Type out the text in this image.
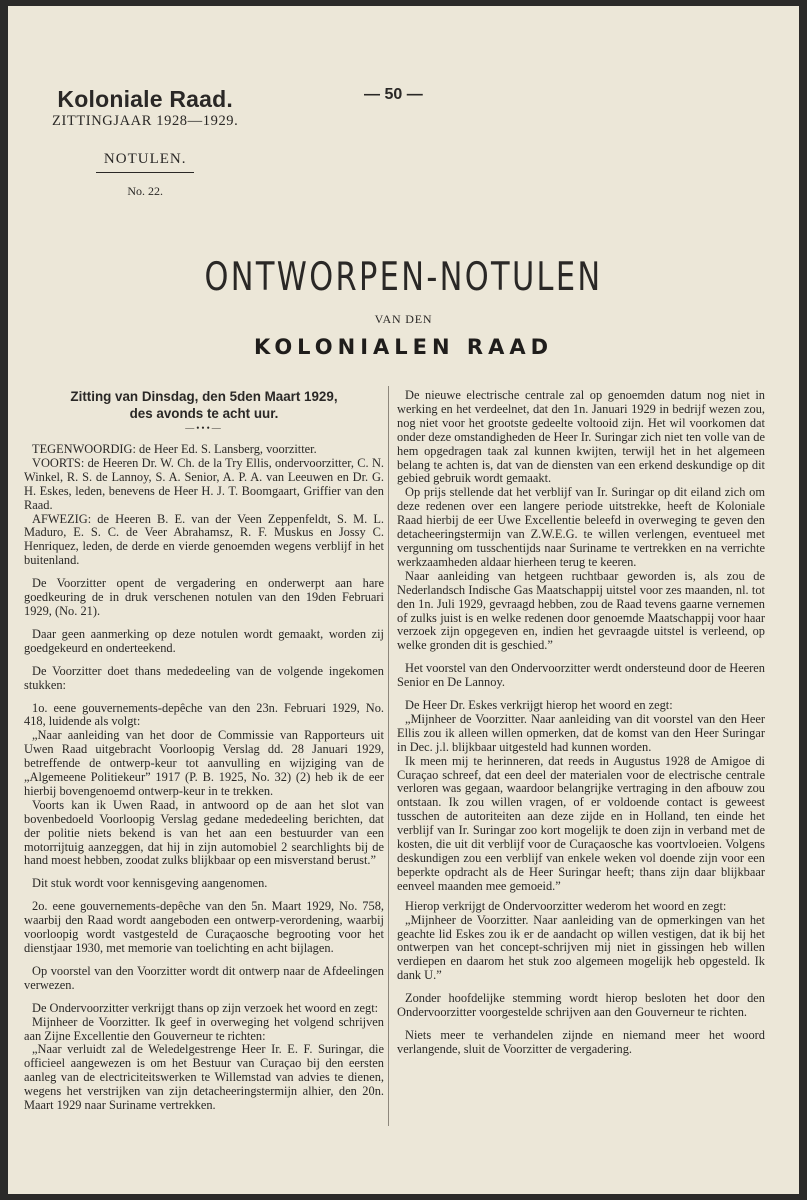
Koloniale Raad.
ZITTINGJAAR 1928—1929.
NOTULEN.
No. 22.
— 50 —
ONTWORPEN-NOTULEN
VAN DEN
KOLONIALEN RAAD
Zitting van Dinsdag, den 5den Maart 1929,
des avonds te acht uur.
—•••—

TEGENWOORDIG: de Heer Ed. S. Lansberg, voorzitter.

VOORTS: de Heeren Dr. W. Ch. de la Try Ellis, ondervoorzitter, C. N. Winkel, R. S. de Lannoy, S. A. Senior, A. P. A. van Leeuwen en Dr. G. H. Eskes, leden, benevens de Heer H. J. T. Boomgaart, Griffier van den Raad.

AFWEZIG: de Heeren B. E. van der Veen Zeppenfeldt, S. M. L. Maduro, E. S. C. de Veer Abrahamsz, R. F. Muskus en Jossy C. Henriquez, leden, de derde en vierde genoemden wegens verblijf in het buitenland.

De Voorzitter opent de vergadering en onderwerpt aan hare goedkeuring de in druk verschenen notulen van den 19den Februari 1929, (No. 21).

Daar geen aanmerking op deze notulen wordt gemaakt, worden zij goedgekeurd en onderteekend.

De Voorzitter doet thans mededeeling van de volgende ingekomen stukken:

1o. eene gouvernements-depêche van den 23n. Februari 1929, No. 418, luidende als volgt:

„Naar aanleiding van het door de Commissie van Rapporteurs uit Uwen Raad uitgebracht Voorloopig Verslag dd. 28 Januari 1929, betreffende de ontwerp-keur tot aanvulling en wijziging van de „Algemeene Politiekeur” 1917 (P. B. 1925, No. 32) (2) heb ik de eer hierbij bovengenoemd ontwerp-keur in te trekken.

Voorts kan ik Uwen Raad, in antwoord op de aan het slot van bovenbedoeld Voorloopig Verslag gedane mededeeling berichten, dat der politie niets bekend is van het aan een bestuurder van een motorrijtuig aanzeggen, dat hij in zijn automobiel 2 searchlights bij de hand moest hebben, zoodat zulks blijkbaar op een misverstand berust.”

Dit stuk wordt voor kennisgeving aangenomen.

2o. eene gouvernements-depêche van den 5n. Maart 1929, No. 758, waarbij den Raad wordt aangeboden een ontwerp-verordening, waarbij voorloopig wordt vastgesteld de Curaçaosche begrooting voor het dienstjaar 1930, met memorie van toelichting en acht bijlagen.

Op voorstel van den Voorzitter wordt dit ontwerp naar de Afdeelingen verwezen.

De Ondervoorzitter verkrijgt thans op zijn verzoek het woord en zegt:

Mijnheer de Voorzitter. Ik geef in overweging het volgend schrijven aan Zijne Excellentie den Gouverneur te richten:

„Naar verluidt zal de Weledelgestrenge Heer Ir. E. F. Suringar, die officieel aangewezen is om het Bestuur van Curaçao bij den eersten aanleg van de electriciteitswerken te Willemstad van advies te dienen, wegens het verstrijken van zijn detacheeringstermijn alhier, den 20n. Maart 1929 naar Suriname vertrekken.

De nieuwe electrische centrale zal op genoemden datum nog niet in werking en het verdeelnet, dat den 1n. Januari 1929 in bedrijf wezen zou, nog niet voor het grootste gedeelte voltooid zijn. Het wil voorkomen dat onder deze omstandigheden de Heer Ir. Suringar zich niet ten volle van de hem opgedragen taak zal kunnen kwijten, terwijl het in het algemeen belang te achten is, dat van de diensten van een erkend deskundige op dit gebied gebruik wordt gemaakt.

Op prijs stellende dat het verblijf van Ir. Suringar op dit eiland zich om deze redenen over een langere periode uitstrekke, heeft de Koloniale Raad hierbij de eer Uwe Excellentie beleefd in overweging te geven den detacheeringstermijn van Z.W.E.G. te willen verlengen, eventueel met vergunning om tusschentijds naar Suriname te vertrekken en na verrichte werkzaamheden aldaar hierheen terug te keeren.

Naar aanleiding van hetgeen ruchtbaar geworden is, als zou de Nederlandsch Indische Gas Maatschappij uitstel voor zes maanden, nl. tot den 1n. Juli 1929, gevraagd hebben, zou de Raad tevens gaarne vernemen of zulks juist is en welke redenen door genoemde Maatschappij voor haar verzoek zijn opgegeven en, indien het gevraagde uitstel is verleend, op welke gronden dit is geschied.”

Het voorstel van den Ondervoorzitter werdt ondersteund door de Heeren Senior en De Lannoy.

De Heer Dr. Eskes verkrijgt hierop het woord en zegt:

„Mijnheer de Voorzitter. Naar aanleiding van dit voorstel van den Heer Ellis zou ik alleen willen opmerken, dat de komst van den Heer Suringar in Dec. j.l. blijkbaar uitgesteld had kunnen worden.

Ik meen mij te herinneren, dat reeds in Augustus 1928 de Amigoe di Curaçao schreef, dat een deel der materialen voor de electrische centrale verloren was gegaan, waardoor belangrijke vertraging in den afbouw zou ontstaan. Ik zou willen vragen, of er voldoende contact is geweest tusschen de autoriteiten aan deze zijde en in Holland, ten einde het verblijf van Ir. Suringar zoo kort mogelijk te doen zijn in verband met de kosten, die uit dit verblijf voor de Curaçaosche kas voortvloeien. Volgens deskundigen zou een verblijf van enkele weken vol doende zijn voor een beperkte opdracht als de Heer Suringar heeft; thans zijn daar blijkbaar eenveel maanden mee gemoeid.”

Hierop verkrijgt de Ondervoorzitter wederom het woord en zegt:

„Mijnheer de Voorzitter. Naar aanleiding van de opmerkingen van het geachte lid Eskes zou ik er de aandacht op willen vestigen, dat ik bij het ontwerpen van het concept-schrijven mij niet in gissingen heb willen verdiepen en daarom het stuk zoo algemeen mogelijk heb opgesteld. Ik dank U.”

Zonder hoofdelijke stemming wordt hierop besloten het door den Ondervoorzitter voorgestelde schrijven aan den Gouverneur te richten.

Niets meer te verhandelen zijnde en niemand meer het woord verlangende, sluit de Voorzitter de vergadering.
